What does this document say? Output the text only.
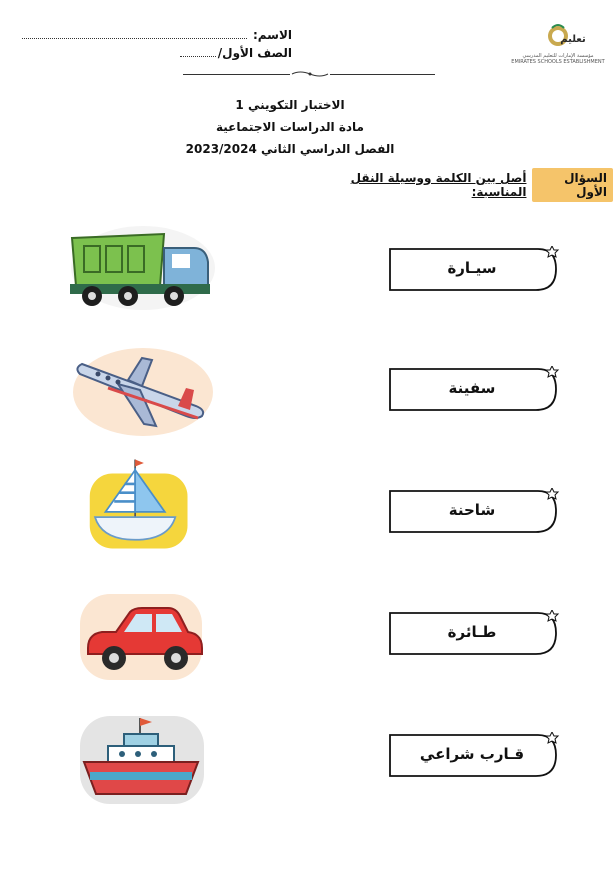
الاسم:
الصف الأول/
تعليم
مؤسسة الإمارات للتعليم المدرسي
EMIRATES SCHOOLS ESTABLISHMENT
الاختبار التكويني 1
مادة الدراسات الاجتماعية
الفصل الدراسي الثاني 2023/2024
السؤال الأول
أصل بين الكلمة ووسيلة النقل المناسبة:
سيـارة
سفينة
شاحنة
طـائرة
قـارب شراعي
